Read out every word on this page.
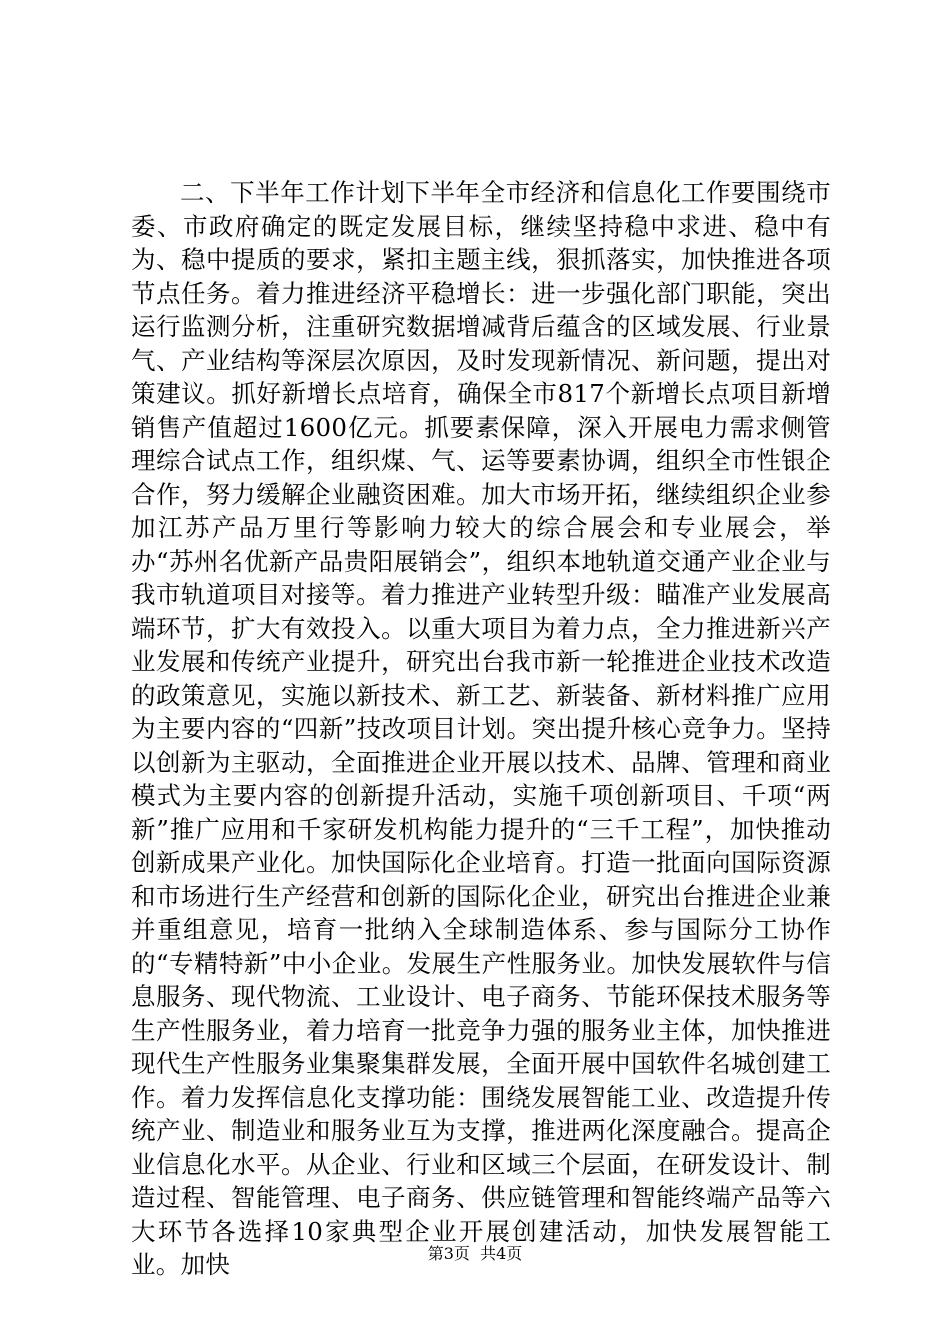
二、下半年工作计划下半年全市经济和信息化工作要围绕市委、市政府确定的既定发展目标，继续坚持稳中求进、稳中有为、稳中提质的要求，紧扣主题主线，狠抓落实，加快推进各项节点任务。着力推进经济平稳增长：进一步强化部门职能，突出运行监测分析，注重研究数据增减背后蕴含的区域发展、行业景气、产业结构等深层次原因，及时发现新情况、新问题，提出对策建议。抓好新增长点培育，确保全市817个新增长点项目新增销售产值超过1600亿元。抓要素保障，深入开展电力需求侧管理综合试点工作，组织煤、气、运等要素协调，组织全市性银企合作，努力缓解企业融资困难。加大市场开拓，继续组织企业参加江苏产品万里行等影响力较大的综合展会和专业展会，举办“苏州名优新产品贵阳展销会”，组织本地轨道交通产业企业与我市轨道项目对接等。着力推进产业转型升级：瞄准产业发展高端环节，扩大有效投入。以重大项目为着力点，全力推进新兴产业发展和传统产业提升，研究出台我市新一轮推进企业技术改造的政策意见，实施以新技术、新工艺、新装备、新材料推广应用为主要内容的“四新”技改项目计划。突出提升核心竞争力。坚持以创新为主驱动，全面推进企业开展以技术、品牌、管理和商业模式为主要内容的创新提升活动，实施千项创新项目、千项“两新”推广应用和千家研发机构能力提升的“三千工程”，加快推动创新成果产业化。加快国际化企业培育。打造一批面向国际资源和市场进行生产经营和创新的国际化企业，研究出台推进企业兼并重组意见，培育一批纳入全球制造体系、参与国际分工协作的“专精特新”中小企业。发展生产性服务业。加快发展软件与信息服务、现代物流、工业设计、电子商务、节能环保技术服务等生产性服务业，着力培育一批竞争力强的服务业主体，加快推进现代生产性服务业集聚集群发展，全面开展中国软件名城创建工作。着力发挥信息化支撑功能：围绕发展智能工业、改造提升传统产业、制造业和服务业互为支撑，推进两化深度融合。提高企业信息化水平。从企业、行业和区域三个层面，在研发设计、制造过程、智能管理、电子商务、供应链管理和智能终端产品等六大环节各选择10家典型企业开展创建活动，加快发展智能工业。加快	第3页  共4页
